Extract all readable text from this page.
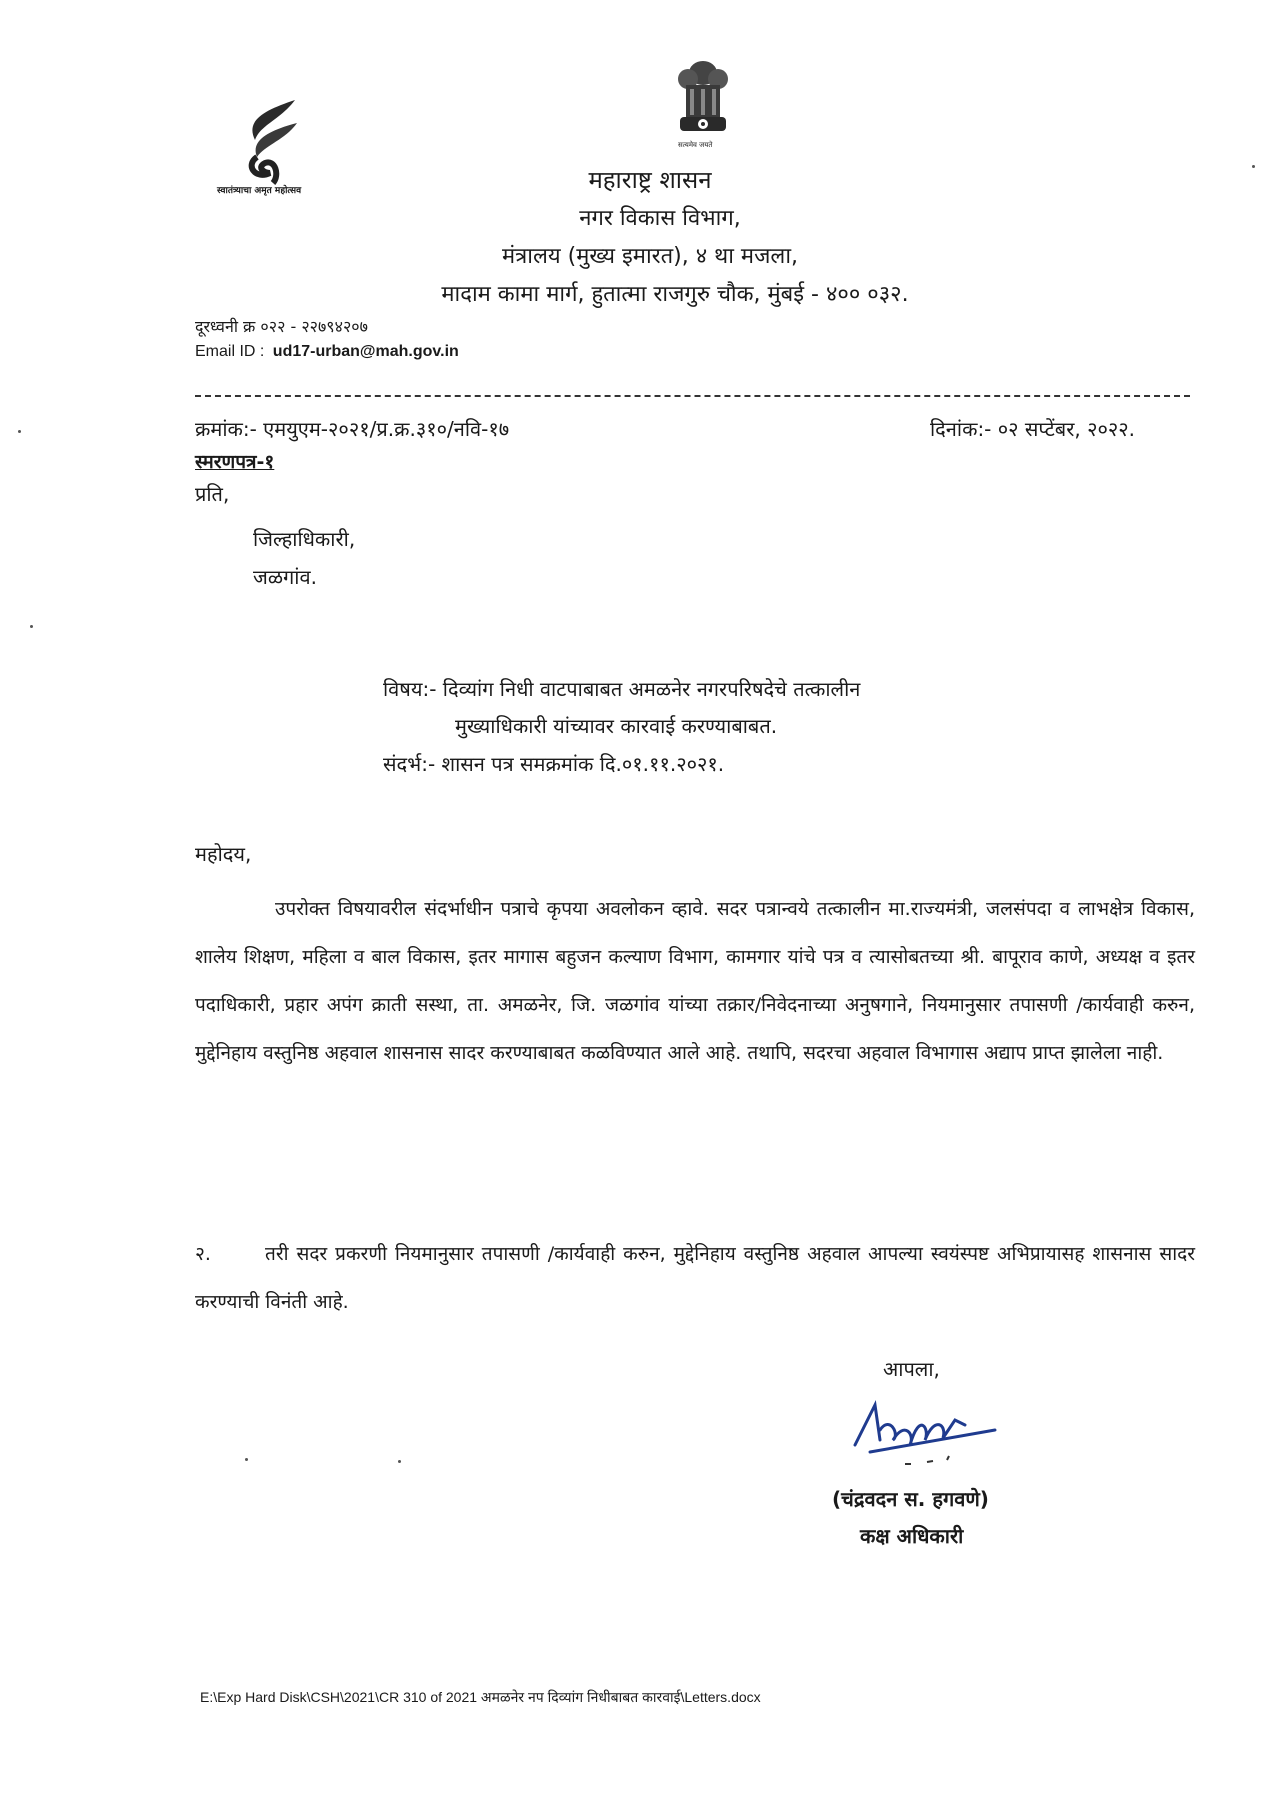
स्वातंत्र्याचा अमृत महोत्सव
सत्यमेव जयते
महाराष्ट्र शासन
नगर विकास विभाग,
मंत्रालय (मुख्य इमारत), ४ था मजला,
मादाम कामा मार्ग, हुतात्मा राजगुरु चौक, मुंबई - ४०० ०३२.
दूरध्वनी क्र ०२२ - २२७९४२०७
Email ID : ud17-urban@mah.gov.in
क्रमांक:- एमयुएम-२०२१/प्र.क्र.३१०/नवि-१७	दिनांक:- ०२ सप्टेंबर, २०२२.
स्मरणपत्र-१
प्रति,
जिल्हाधिकारी,
जळगांव.
विषय:- दिव्यांग निधी वाटपाबाबत अमळनेर नगरपरिषदेचे तत्कालीन
मुख्याधिकारी यांच्यावर कारवाई करण्याबाबत.
संदर्भ:- शासन पत्र समक्रमांक दि.०१.११.२०२१.
महोदय,
उपरोक्त विषयावरील संदर्भाधीन पत्राचे कृपया अवलोकन व्हावे. सदर पत्रान्वये तत्कालीन मा.राज्यमंत्री, जलसंपदा व लाभक्षेत्र विकास, शालेय शिक्षण, महिला व बाल विकास, इतर मागास बहुजन कल्याण विभाग, कामगार यांचे पत्र व त्यासोबतच्या श्री. बापूराव काणे, अध्यक्ष व इतर पदाधिकारी, प्रहार अपंग क्राती सस्था, ता. अमळनेर, जि. जळगांव यांच्या तक्रार/निवेदनाच्या अनुषगाने, नियमानुसार तपासणी /कार्यवाही करुन, मुद्देनिहाय वस्तुनिष्ठ अहवाल शासनास सादर करण्याबाबत कळविण्यात आले आहे. तथापि, सदरचा अहवाल विभागास अद्याप प्राप्त झालेला नाही.
२.	तरी सदर प्रकरणी नियमानुसार तपासणी /कार्यवाही करुन, मुद्देनिहाय वस्तुनिष्ठ अहवाल आपल्या स्वयंस्पष्ट अभिप्रायासह शासनास सादर करण्याची विनंती आहे.
आपला,
(चंद्रवदन स. हगवणे)
कक्ष अधिकारी
E:\Exp Hard Disk\CSH\2021\CR 310 of 2021 अमळनेर नप दिव्यांग निधीबाबत कारवाई\Letters.docx
